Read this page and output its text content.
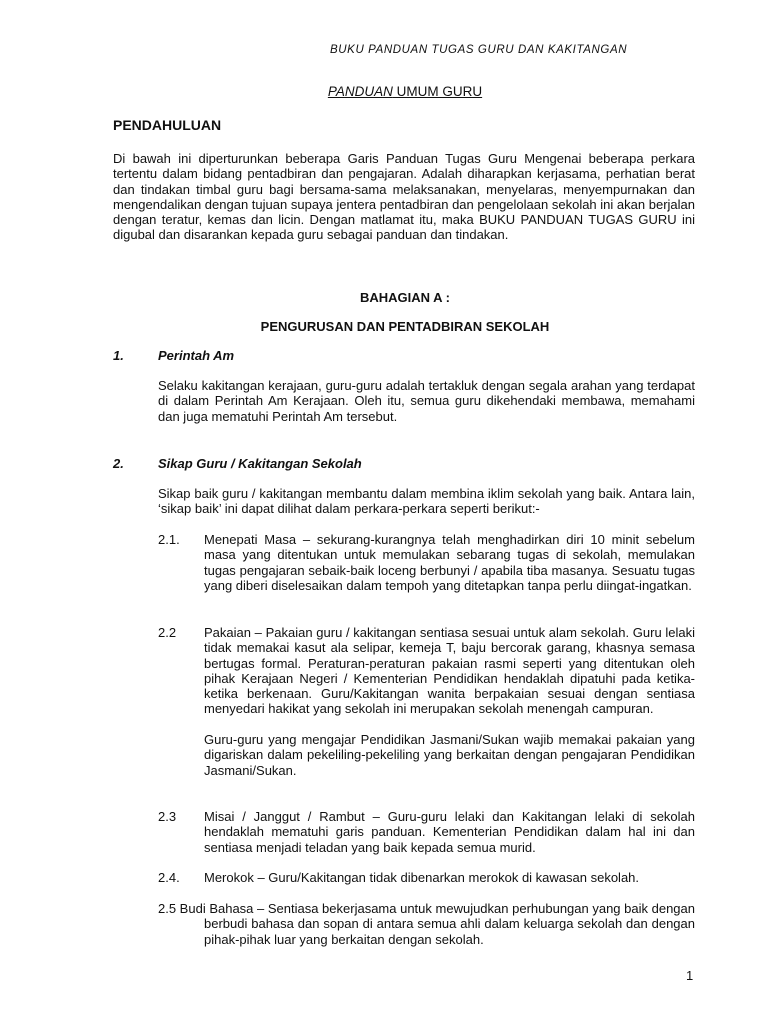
BUKU PANDUAN TUGAS GURU DAN KAKITANGAN
PANDUAN UMUM GURU
PENDAHULUAN
Di bawah ini diperturunkan beberapa Garis Panduan Tugas Guru Mengenai beberapa perkara tertentu dalam bidang pentadbiran dan pengajaran. Adalah diharapkan kerjasama, perhatian berat dan tindakan timbal guru bagi bersama-sama melaksanakan, menyelaras, menyempurnakan dan mengendalikan dengan tujuan supaya jentera pentadbiran dan pengelolaan sekolah ini akan berjalan dengan teratur, kemas dan licin. Dengan matlamat itu, maka BUKU PANDUAN TUGAS GURU ini digubal dan disarankan kepada guru sebagai panduan dan tindakan.
BAHAGIAN A :
PENGURUSAN DAN PENTADBIRAN SEKOLAH
1.	Perintah Am
Selaku kakitangan kerajaan, guru-guru adalah tertakluk dengan segala arahan yang terdapat di dalam Perintah Am Kerajaan. Oleh itu, semua guru dikehendaki membawa, memahami dan juga mematuhi Perintah Am tersebut.
2.	Sikap Guru / Kakitangan Sekolah
Sikap baik guru / kakitangan membantu dalam membina iklim sekolah yang baik. Antara lain, ‘sikap baik’ ini dapat dilihat dalam perkara-perkara seperti berikut:-
2.1. Menepati Masa – sekurang-kurangnya telah menghadirkan diri 10 minit sebelum masa yang ditentukan untuk memulakan sebarang tugas di sekolah, memulakan tugas pengajaran sebaik-baik loceng berbunyi / apabila tiba masanya. Sesuatu tugas yang diberi diselesaikan dalam tempoh yang ditetapkan tanpa perlu diingat-ingatkan.
2.2 Pakaian – Pakaian guru / kakitangan sentiasa sesuai untuk alam sekolah. Guru lelaki tidak memakai kasut ala selipar, kemeja T, baju bercorak garang, khasnya semasa bertugas formal. Peraturan-peraturan pakaian rasmi seperti yang ditentukan oleh pihak Kerajaan Negeri / Kementerian Pendidikan hendaklah dipatuhi pada ketika-ketika berkenaan. Guru/Kakitangan wanita berpakaian sesuai dengan sentiasa menyedari hakikat yang sekolah ini merupakan sekolah menengah campuran.
Guru-guru yang mengajar Pendidikan Jasmani/Sukan wajib memakai pakaian yang digariskan dalam pekeliling-pekeliling yang berkaitan dengan pengajaran Pendidikan Jasmani/Sukan.
2.3 Misai / Janggut / Rambut – Guru-guru lelaki dan Kakitangan lelaki di sekolah hendaklah mematuhi garis panduan. Kementerian Pendidikan dalam hal ini dan sentiasa menjadi teladan yang baik kepada semua murid.
2.4. Merokok – Guru/Kakitangan tidak dibenarkan merokok di kawasan sekolah.
2.5 Budi Bahasa – Sentiasa bekerjasama untuk mewujudkan perhubungan yang baik dengan berbudi bahasa dan sopan di antara semua ahli dalam keluarga sekolah dan dengan pihak-pihak luar yang berkaitan dengan sekolah.
1
